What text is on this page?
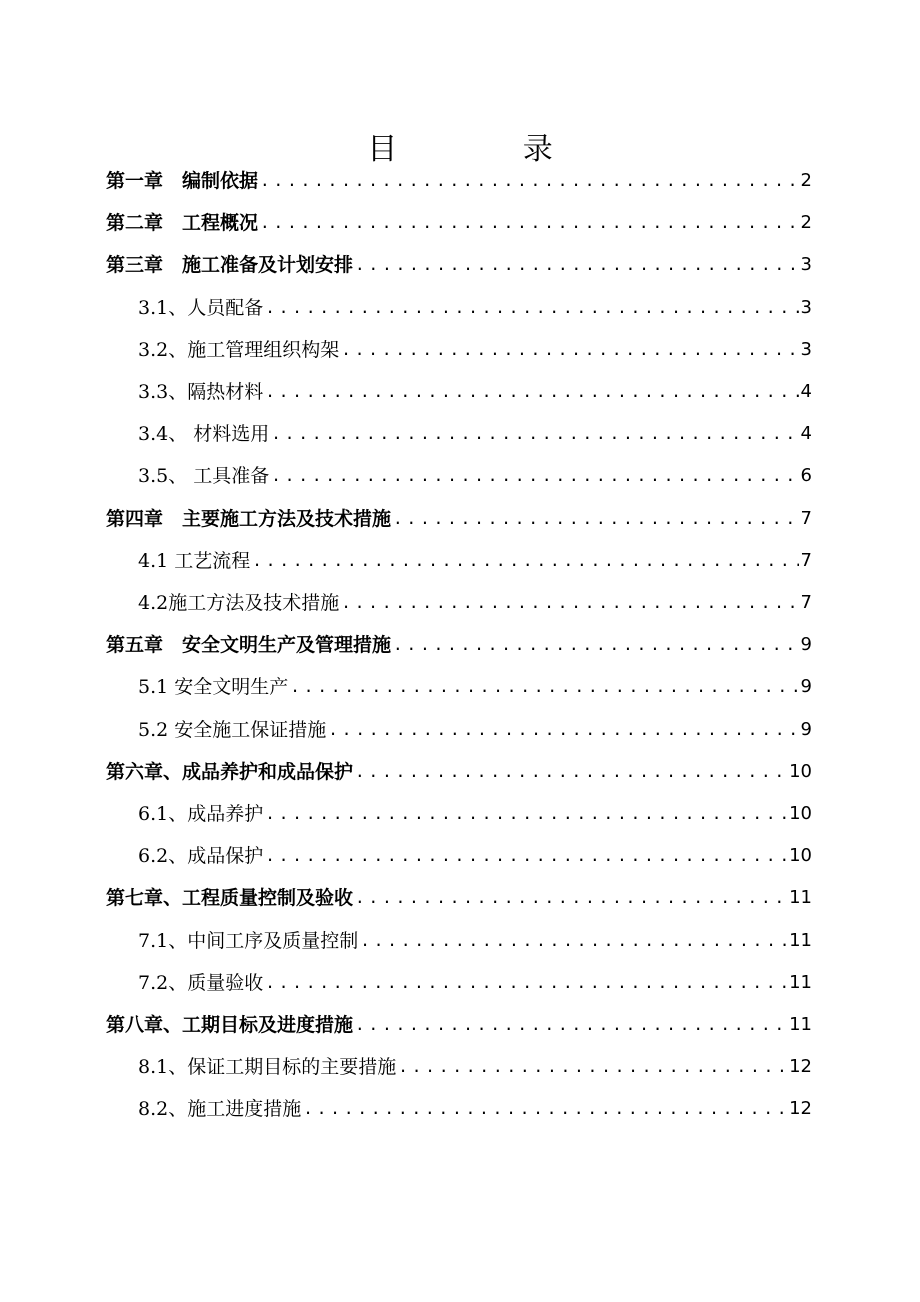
目 录
第一章　编制依据 .....	2
第二章　工程概况 .....	2
第三章　施工准备及计划安排 .....	3
3.1、人员配备 .....	3
3.2、施工管理组织构架 .....	3
3.3、隔热材料 .....	4
3.4、 材料选用 .....	4
3.5、 工具准备 .....	6
第四章　主要施工方法及技术措施 .....	7
4.1 工艺流程 .....	7
4.2施工方法及技术措施 .....	7
第五章　安全文明生产及管理措施 .....	9
5.1 安全文明生产 .....	9
5.2 安全施工保证措施 .....	9
第六章、成品养护和成品保护 .....	10
6.1、成品养护 .....	10
6.2、成品保护 .....	10
第七章、工程质量控制及验收 .....	11
7.1、中间工序及质量控制 .....	11
7.2、质量验收 .....	11
第八章、工期目标及进度措施 .....	11
8.1、保证工期目标的主要措施 .....	12
8.2、施工进度措施 .....	12
